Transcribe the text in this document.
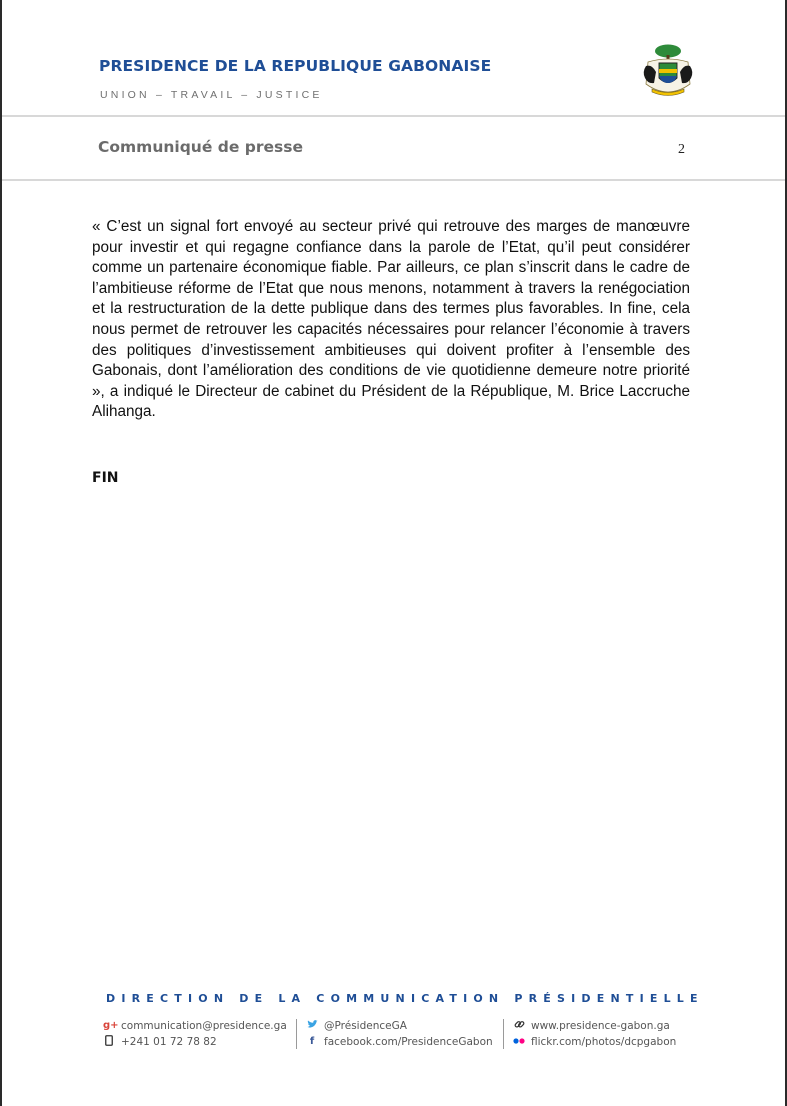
PRESIDENCE DE LA REPUBLIQUE GABONAISE
UNION – TRAVAIL – JUSTICE
Communiqué de presse	2

« C’est un signal fort envoyé au secteur privé qui retrouve des marges de manœuvre pour investir et qui regagne confiance dans la parole de l’Etat, qu’il peut considérer comme un partenaire économique fiable. Par ailleurs, ce plan s’inscrit dans le cadre de l’ambitieuse réforme de l’Etat que nous menons, notamment à travers la renégociation et la restructuration de la dette publique dans des termes plus favorables. In fine, cela nous permet de retrouver les capacités nécessaires pour relancer l’économie à travers des politiques d’investissement ambitieuses qui doivent profiter à l’ensemble des Gabonais, dont l’amélioration des conditions de vie quotidienne demeure notre priorité », a indiqué le Directeur de cabinet du Président de la République, M. Brice Laccruche Alihanga.

FIN

DIRECTION DE LA COMMUNICATION PRÉSIDENTIELLE
g+ communication@presidence.ga
+241 01 72 78 82
@PrésidenceGA
f facebook.com/PresidenceGabon
www.presidence-gabon.ga
flickr.com/photos/dcpgabon
